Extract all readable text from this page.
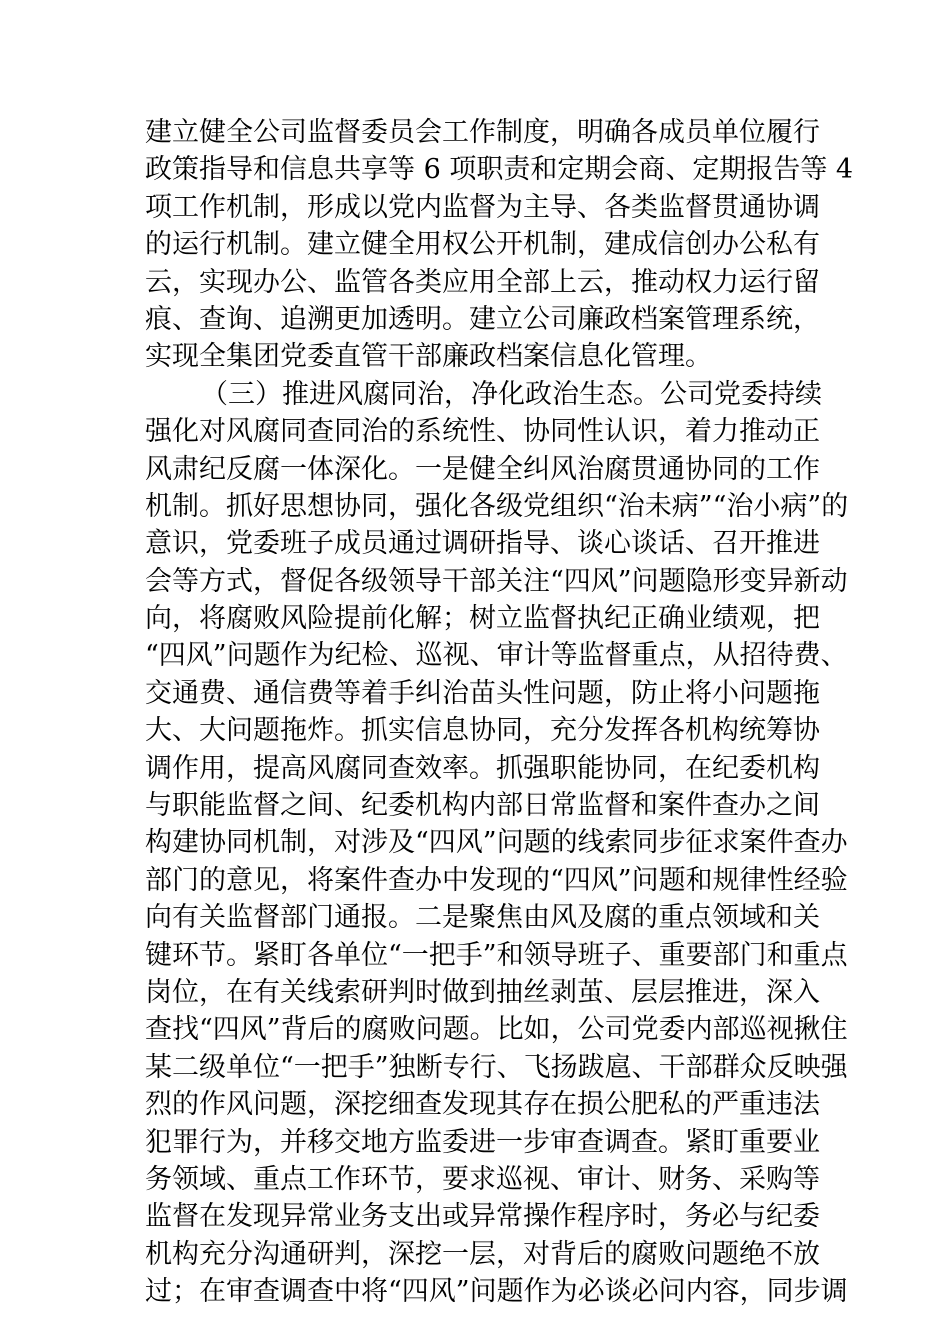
建立健全公司监督委员会工作制度，明确各成员单位履行
政策指导和信息共享等 6 项职责和定期会商、定期报告等 4
项工作机制，形成以党内监督为主导、各类监督贯通协调
的运行机制。建立健全用权公开机制，建成信创办公私有
云，实现办公、监管各类应用全部上云，推动权力运行留
痕、查询、追溯更加透明。建立公司廉政档案管理系统，
实现全集团党委直管干部廉政档案信息化管理。
（三）推进风腐同治，净化政治生态。公司党委持续
强化对风腐同查同治的系统性、协同性认识，着力推动正
风肃纪反腐一体深化。一是健全纠风治腐贯通协同的工作
机制。抓好思想协同，强化各级党组织“治未病”“治小病”的
意识，党委班子成员通过调研指导、谈心谈话、召开推进
会等方式，督促各级领导干部关注“四风”问题隐形变异新动
向，将腐败风险提前化解；树立监督执纪正确业绩观，把
“四风”问题作为纪检、巡视、审计等监督重点，从招待费、
交通费、通信费等着手纠治苗头性问题，防止将小问题拖
大、大问题拖炸。抓实信息协同，充分发挥各机构统筹协
调作用，提高风腐同查效率。抓强职能协同，在纪委机构
与职能监督之间、纪委机构内部日常监督和案件查办之间
构建协同机制，对涉及“四风”问题的线索同步征求案件查办
部门的意见，将案件查办中发现的“四风”问题和规律性经验
向有关监督部门通报。二是聚焦由风及腐的重点领域和关
键环节。紧盯各单位“一把手”和领导班子、重要部门和重点
岗位，在有关线索研判时做到抽丝剥茧、层层推进，深入
查找“四风”背后的腐败问题。比如，公司党委内部巡视揪住
某二级单位“一把手”独断专行、飞扬跋扈、干部群众反映强
烈的作风问题，深挖细查发现其存在损公肥私的严重违法
犯罪行为，并移交地方监委进一步审查调查。紧盯重要业
务领域、重点工作环节，要求巡视、审计、财务、采购等
监督在发现异常业务支出或异常操作程序时，务必与纪委
机构充分沟通研判，深挖一层，对背后的腐败问题绝不放
过；在审查调查中将“四风”问题作为必谈必问内容，同步调
